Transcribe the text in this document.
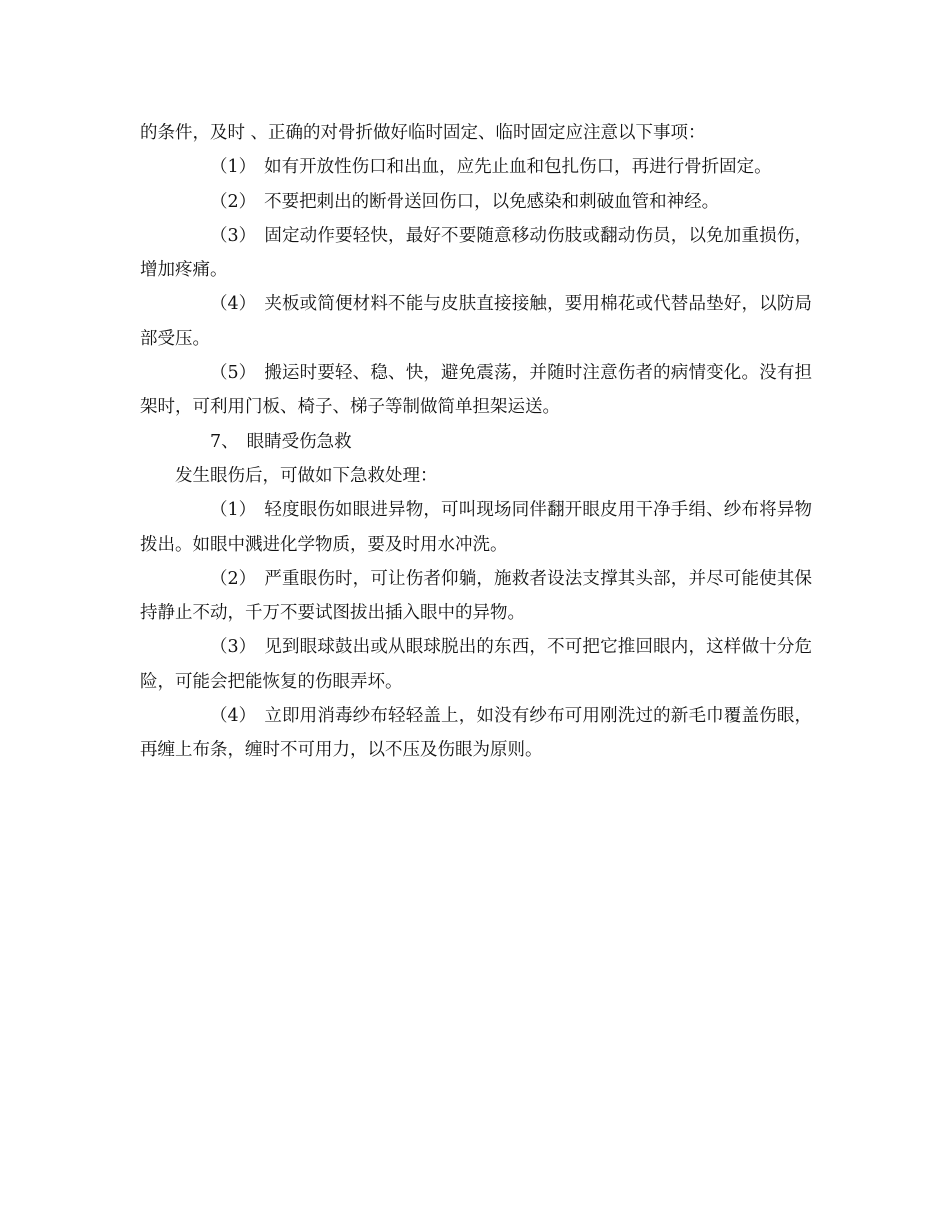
的条件，及时 、正确的对骨折做好临时固定、临时固定应注意以下事项：

（1） 如有开放性伤口和出血，应先止血和包扎伤口，再进行骨折固定。

（2） 不要把刺出的断骨送回伤口，以免感染和刺破血管和神经。

（3） 固定动作要轻快，最好不要随意移动伤肢或翻动伤员，以免加重损伤，增加疼痛。

（4） 夹板或简便材料不能与皮肤直接接触，要用棉花或代替品垫好，以防局部受压。

（5） 搬运时要轻、稳、快，避免震荡，并随时注意伤者的病情变化。没有担架时，可利用门板、椅子、梯子等制做简单担架运送。

7、 眼睛受伤急救

发生眼伤后，可做如下急救处理：

（1） 轻度眼伤如眼进异物，可叫现场同伴翻开眼皮用干净手绢、纱布将异物拨出。如眼中溅进化学物质，要及时用水冲洗。

（2） 严重眼伤时，可让伤者仰躺，施救者设法支撑其头部，并尽可能使其保持静止不动，千万不要试图拔出插入眼中的异物。

（3） 见到眼球鼓出或从眼球脱出的东西，不可把它推回眼内，这样做十分危险，可能会把能恢复的伤眼弄坏。

（4） 立即用消毒纱布轻轻盖上，如没有纱布可用刚洗过的新毛巾覆盖伤眼，再缠上布条，缠时不可用力，以不压及伤眼为原则。
